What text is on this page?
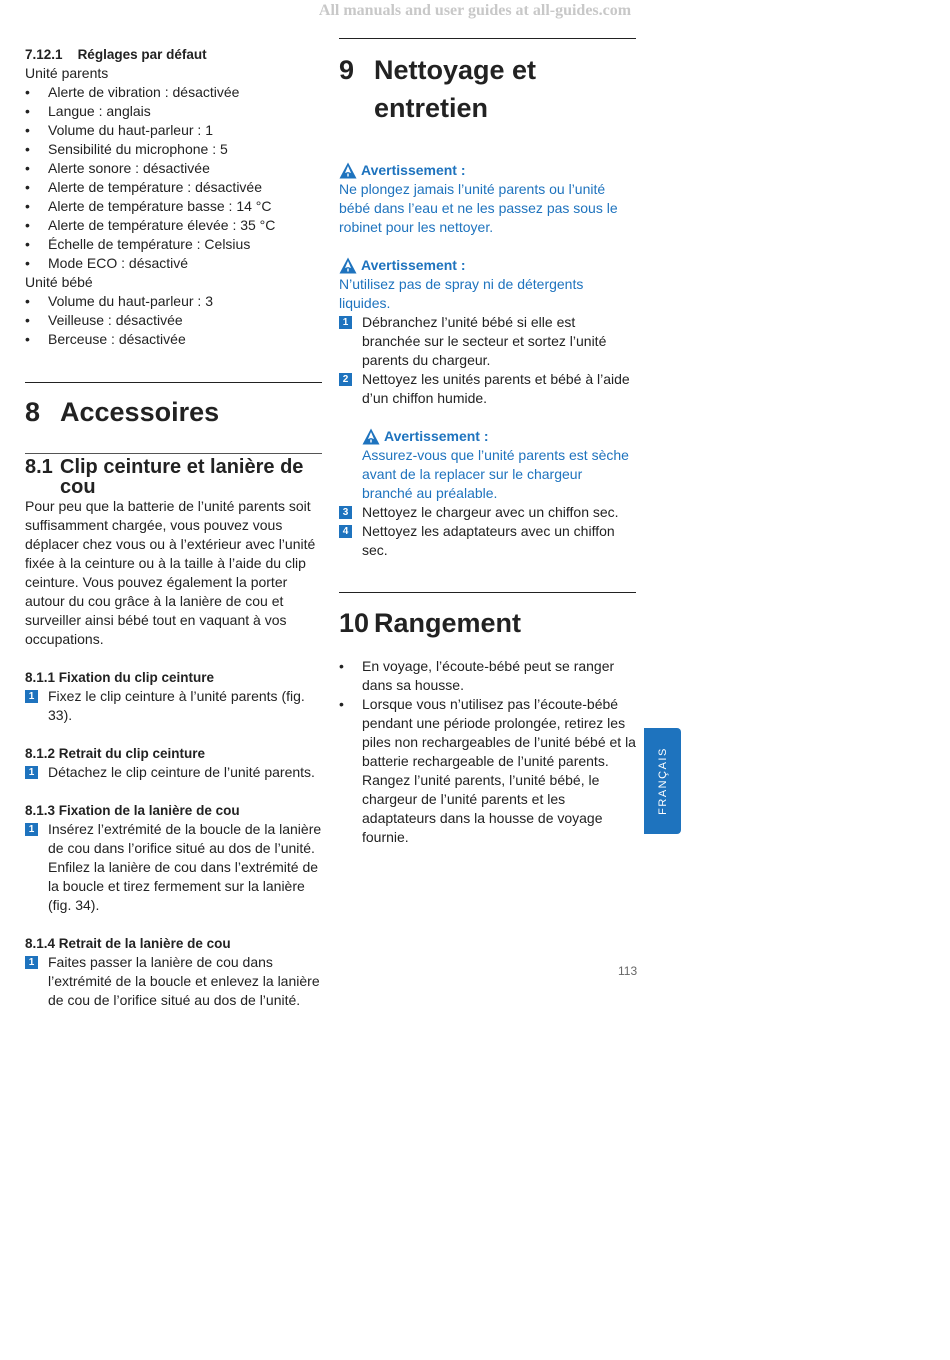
All manuals and user guides at all-guides.com
7.12.1 Réglages par défaut

Unité parents

• Alerte de vibration : désactivée
• Langue : anglais
• Volume du haut-parleur : 1
• Sensibilité du microphone : 5
• Alerte sonore : désactivée
• Alerte de température : désactivée
• Alerte de température basse : 14 °C
• Alerte de température élevée : 35 °C
• Échelle de température : Celsius
• Mode ECO : désactivé

Unité bébé

• Volume du haut-parleur : 3
• Veilleuse : désactivée
• Berceuse : désactivée
8 Accessoires
8.1 Clip ceinture et lanière de cou

Pour peu que la batterie de l’unité parents soit suffisamment chargée, vous pouvez vous déplacer chez vous ou à l’extérieur avec l’unité fixée à la ceinture ou à la taille à l’aide du clip ceinture. Vous pouvez également la porter autour du cou grâce à la lanière de cou et surveiller ainsi bébé tout en vaquant à vos occupations.

8.1.1 Fixation du clip ceinture
1 Fixez le clip ceinture à l’unité parents (fig. 33).
8.1.2 Retrait du clip ceinture
1 Détachez le clip ceinture de l’unité parents.
8.1.3 Fixation de la lanière de cou
1 Insérez l’extrémité de la boucle de la lanière de cou dans l’orifice situé au dos de l’unité. Enfilez la lanière de cou dans l’extrémité de la boucle et tirez fermement sur la lanière (fig. 34).
8.1.4 Retrait de la lanière de cou
1 Faites passer la lanière de cou dans l’extrémité de la boucle et enlevez la lanière de cou de l’orifice situé au dos de l’unité.
9 Nettoyage et entretien
Avertissement :
Ne plongez jamais l’unité parents ou l’unité bébé dans l’eau et ne les passez pas sous le robinet pour les nettoyer.
Avertissement :
N’utilisez pas de spray ni de détergents liquides.
1 Débranchez l’unité bébé si elle est branchée sur le secteur et sortez l’unité parents du chargeur.
2 Nettoyez les unités parents et bébé à l’aide d’un chiffon humide.
Avertissement :
Assurez-vous que l’unité parents est sèche avant de la replacer sur le chargeur branché au préalable.
3 Nettoyez le chargeur avec un chiffon sec.
4 Nettoyez les adaptateurs avec un chiffon sec.
10 Rangement
• En voyage, l’écoute-bébé peut se ranger dans sa housse.
• Lorsque vous n’utilisez pas l’écoute-bébé pendant une période prolongée, retirez les piles non rechargeables de l’unité bébé et la batterie rechargeable de l’unité parents. Rangez l’unité parents, l’unité bébé, le chargeur de l’unité parents et les adaptateurs dans la housse de voyage fournie.
FRANÇAIS
113
